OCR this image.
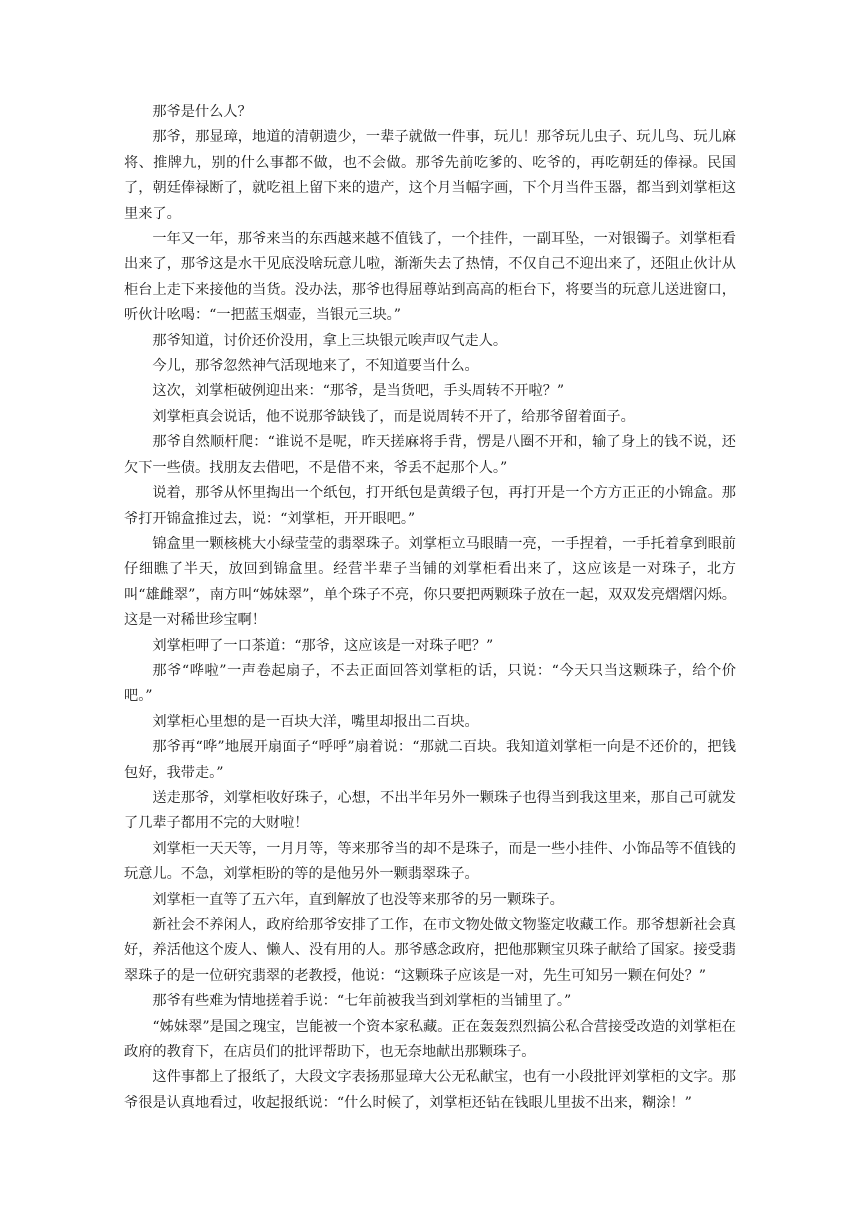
那爷是什么人？

那爷，那显璋，地道的清朝遗少，一辈子就做一件事，玩儿！那爷玩儿虫子、玩儿鸟、玩儿麻将、推牌九，别的什么事都不做，也不会做。那爷先前吃爹的、吃爷的，再吃朝廷的俸禄。民国了，朝廷俸禄断了，就吃祖上留下来的遗产，这个月当幅字画，下个月当件玉器，都当到刘掌柜这里来了。

一年又一年，那爷来当的东西越来越不值钱了，一个挂件，一副耳坠，一对银镯子。刘掌柜看出来了，那爷这是水干见底没啥玩意儿啦，渐渐失去了热情，不仅自己不迎出来了，还阻止伙计从柜台上走下来接他的当货。没办法，那爷也得屈尊站到高高的柜台下，将要当的玩意儿送进窗口，听伙计吆喝：“一把蓝玉烟壶，当银元三块。”

那爷知道，讨价还价没用，拿上三块银元唉声叹气走人。

今儿，那爷忽然神气活现地来了，不知道要当什么。

这次，刘掌柜破例迎出来：“那爷，是当货吧，手头周转不开啦？”

刘掌柜真会说话，他不说那爷缺钱了，而是说周转不开了，给那爷留着面子。

那爷自然顺杆爬：“谁说不是呢，昨天搓麻将手背，愣是八圈不开和，输了身上的钱不说，还欠下一些债。找朋友去借吧，不是借不来，爷丢不起那个人。”

说着，那爷从怀里掏出一个纸包，打开纸包是黄缎子包，再打开是一个方方正正的小锦盒。那爷打开锦盒推过去，说：“刘掌柜，开开眼吧。”

锦盒里一颗核桃大小绿莹莹的翡翠珠子。刘掌柜立马眼睛一亮，一手捏着，一手托着拿到眼前仔细瞧了半天，放回到锦盒里。经营半辈子当铺的刘掌柜看出来了，这应该是一对珠子，北方叫“雄雌翠”，南方叫“姊妹翠”，单个珠子不亮，你只要把两颗珠子放在一起，双双发亮熠熠闪烁。这是一对稀世珍宝啊！

刘掌柜呷了一口茶道：“那爷，这应该是一对珠子吧？”

那爷“哗啦”一声卷起扇子，不去正面回答刘掌柜的话，只说：“今天只当这颗珠子，给个价吧。”

刘掌柜心里想的是一百块大洋，嘴里却报出二百块。

那爷再“哗”地展开扇面子“呼呼”扇着说：“那就二百块。我知道刘掌柜一向是不还价的，把钱包好，我带走。”

送走那爷，刘掌柜收好珠子，心想，不出半年另外一颗珠子也得当到我这里来，那自己可就发了几辈子都用不完的大财啦！

刘掌柜一天天等，一月月等，等来那爷当的却不是珠子，而是一些小挂件、小饰品等不值钱的玩意儿。不急，刘掌柜盼的等的是他另外一颗翡翠珠子。

刘掌柜一直等了五六年，直到解放了也没等来那爷的另一颗珠子。

新社会不养闲人，政府给那爷安排了工作，在市文物处做文物鉴定收藏工作。那爷想新社会真好，养活他这个废人、懒人、没有用的人。那爷感念政府，把他那颗宝贝珠子献给了国家。接受翡翠珠子的是一位研究翡翠的老教授，他说：“这颗珠子应该是一对，先生可知另一颗在何处？”

那爷有些难为情地搓着手说：“七年前被我当到刘掌柜的当铺里了。”

“姊妹翠”是国之瑰宝，岂能被一个资本家私藏。正在轰轰烈烈搞公私合营接受改造的刘掌柜在政府的教育下，在店员们的批评帮助下，也无奈地献出那颗珠子。

这件事都上了报纸了，大段文字表扬那显璋大公无私献宝，也有一小段批评刘掌柜的文字。那爷很是认真地看过，收起报纸说：“什么时候了，刘掌柜还钻在钱眼儿里拔不出来，糊涂！”
